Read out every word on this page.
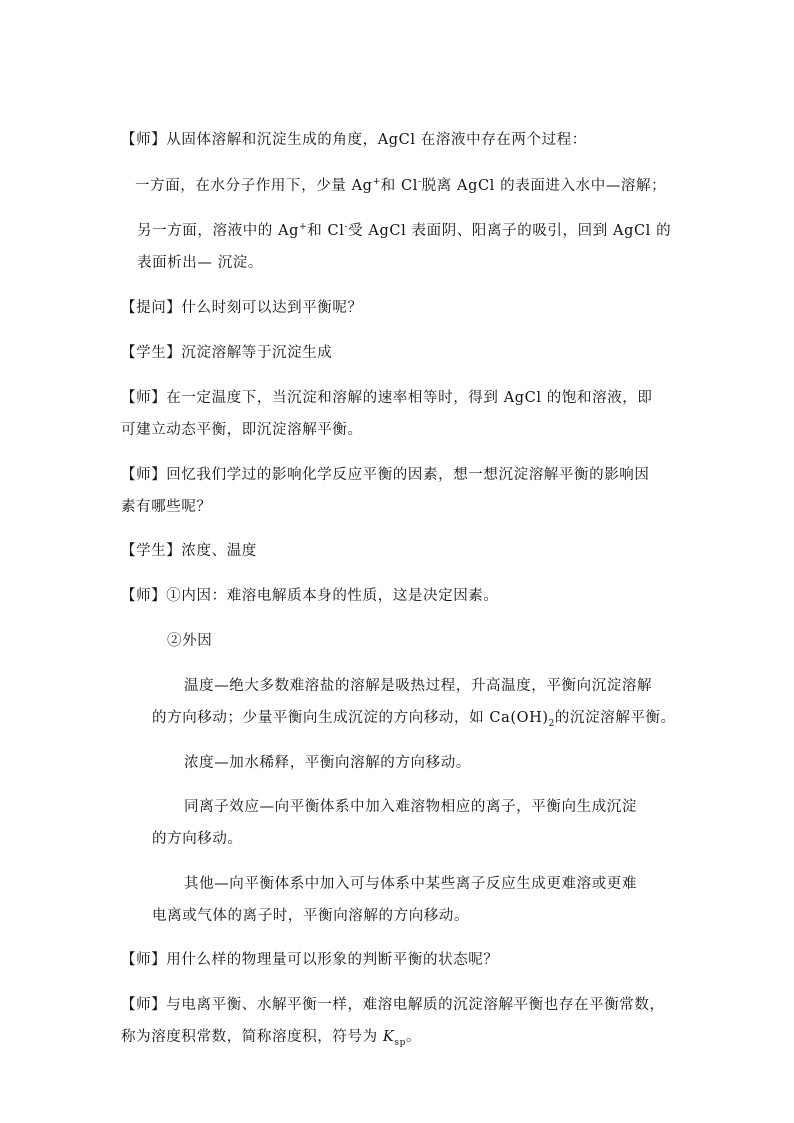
【师】从固体溶解和沉淀生成的角度，AgCl 在溶液中存在两个过程：
一方面，在水分子作用下，少量 Ag+和 Cl-脱离 AgCl 的表面进入水中—溶解；
另一方面，溶液中的 Ag+和 Cl-受 AgCl 表面阴、阳离子的吸引，回到 AgCl 的
表面析出— 沉淀。
【提问】什么时刻可以达到平衡呢？
【学生】沉淀溶解等于沉淀生成
【师】在一定温度下，当沉淀和溶解的速率相等时，得到 AgCl 的饱和溶液，即
可建立动态平衡，即沉淀溶解平衡。
【师】回忆我们学过的影响化学反应平衡的因素，想一想沉淀溶解平衡的影响因
素有哪些呢？
【学生】浓度、温度
【师】①内因：难溶电解质本身的性质，这是决定因素。
②外因
温度—绝大多数难溶盐的溶解是吸热过程，升高温度，平衡向沉淀溶解
的方向移动；少量平衡向生成沉淀的方向移动，如 $Ca(OH)_2$的沉淀溶解平衡。
浓度—加水稀释，平衡向溶解的方向移动。
同离子效应—向平衡体系中加入难溶物相应的离子，平衡向生成沉淀
的方向移动。
其他—向平衡体系中加入可与体系中某些离子反应生成更难溶或更难
电离或气体的离子时，平衡向溶解的方向移动。
【师】用什么样的物理量可以形象的判断平衡的状态呢？
【师】与电离平衡、水解平衡一样，难溶电解质的沉淀溶解平衡也存在平衡常数，
称为溶度积常数，简称溶度积，符号为 $K_{sp}$。
